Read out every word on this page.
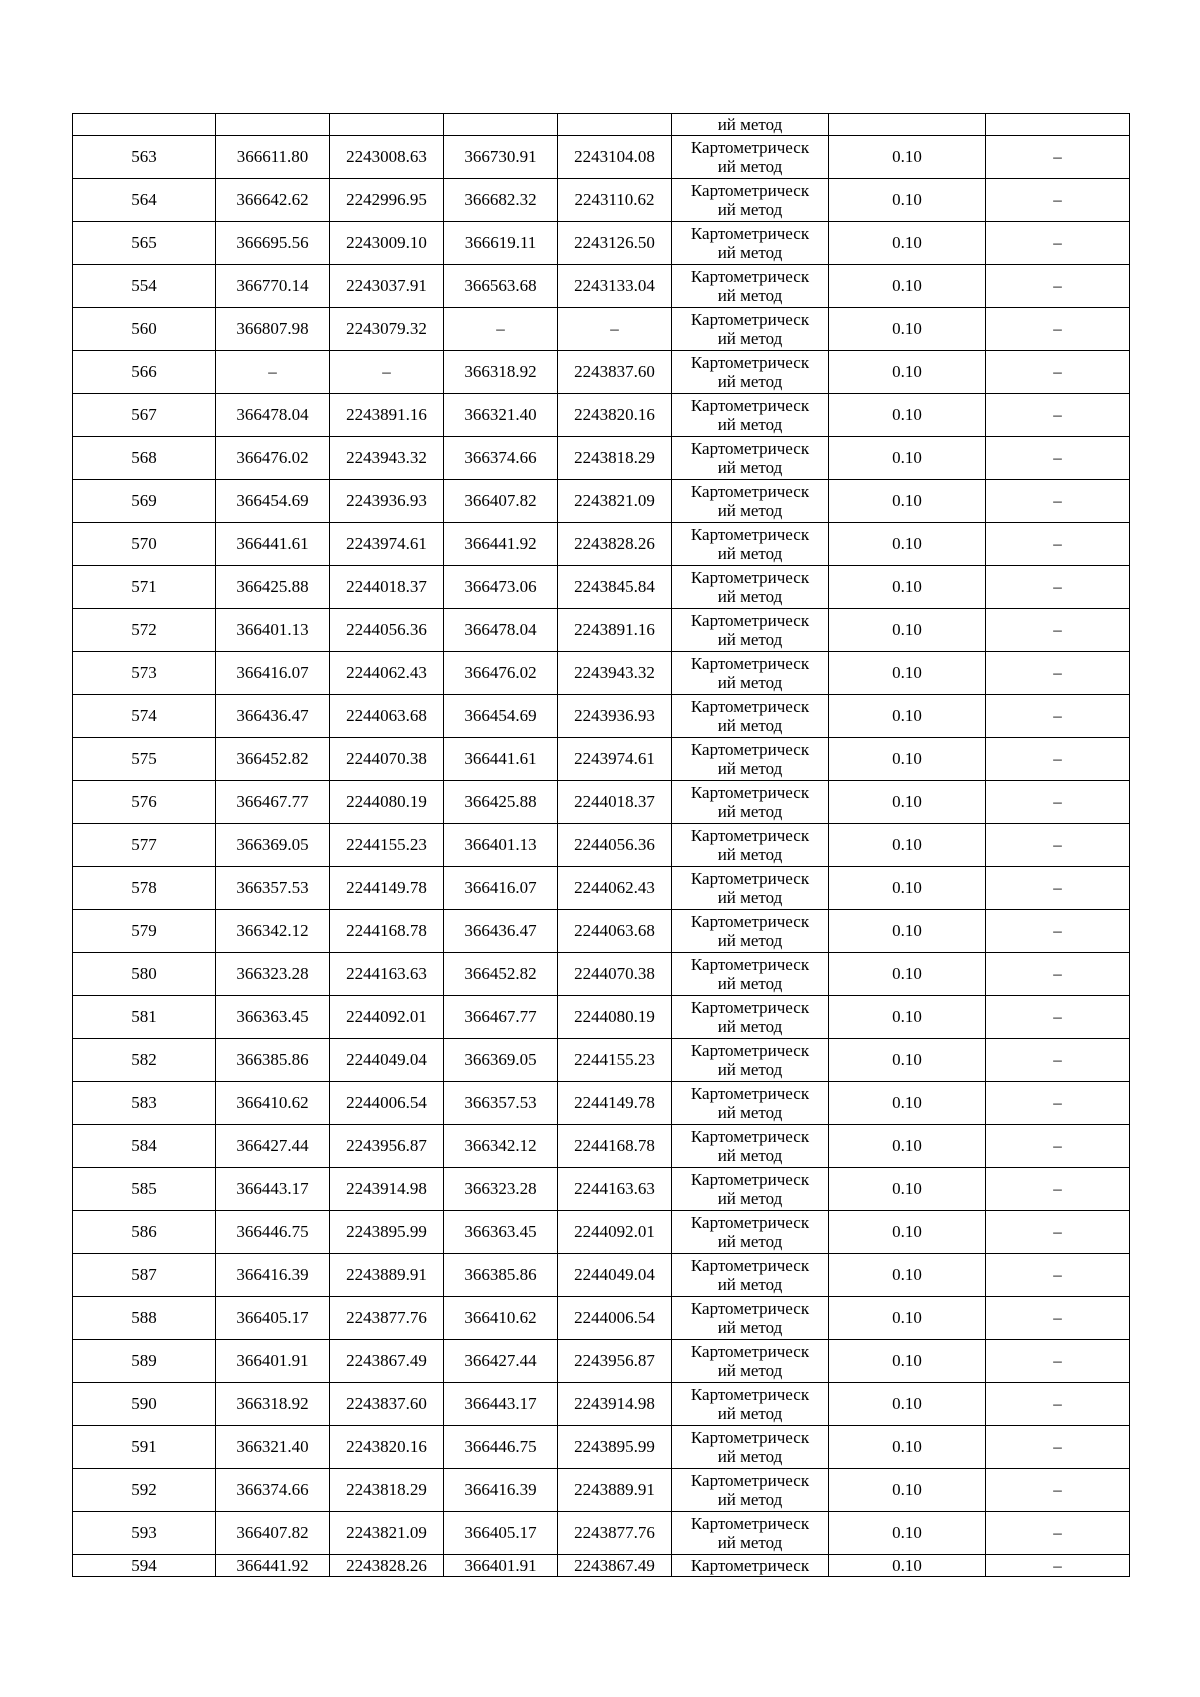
					ий метод		
563	366611.80	2243008.63	366730.91	2243104.08	Картометрическ
ий метод	0.10	–
564	366642.62	2242996.95	366682.32	2243110.62	Картометрическ
ий метод	0.10	–
565	366695.56	2243009.10	366619.11	2243126.50	Картометрическ
ий метод	0.10	–
554	366770.14	2243037.91	366563.68	2243133.04	Картометрическ
ий метод	0.10	–
560	366807.98	2243079.32	–	–	Картометрическ
ий метод	0.10	–
566	–	–	366318.92	2243837.60	Картометрическ
ий метод	0.10	–
567	366478.04	2243891.16	366321.40	2243820.16	Картометрическ
ий метод	0.10	–
568	366476.02	2243943.32	366374.66	2243818.29	Картометрическ
ий метод	0.10	–
569	366454.69	2243936.93	366407.82	2243821.09	Картометрическ
ий метод	0.10	–
570	366441.61	2243974.61	366441.92	2243828.26	Картометрическ
ий метод	0.10	–
571	366425.88	2244018.37	366473.06	2243845.84	Картометрическ
ий метод	0.10	–
572	366401.13	2244056.36	366478.04	2243891.16	Картометрическ
ий метод	0.10	–
573	366416.07	2244062.43	366476.02	2243943.32	Картометрическ
ий метод	0.10	–
574	366436.47	2244063.68	366454.69	2243936.93	Картометрическ
ий метод	0.10	–
575	366452.82	2244070.38	366441.61	2243974.61	Картометрическ
ий метод	0.10	–
576	366467.77	2244080.19	366425.88	2244018.37	Картометрическ
ий метод	0.10	–
577	366369.05	2244155.23	366401.13	2244056.36	Картометрическ
ий метод	0.10	–
578	366357.53	2244149.78	366416.07	2244062.43	Картометрическ
ий метод	0.10	–
579	366342.12	2244168.78	366436.47	2244063.68	Картометрическ
ий метод	0.10	–
580	366323.28	2244163.63	366452.82	2244070.38	Картометрическ
ий метод	0.10	–
581	366363.45	2244092.01	366467.77	2244080.19	Картометрическ
ий метод	0.10	–
582	366385.86	2244049.04	366369.05	2244155.23	Картометрическ
ий метод	0.10	–
583	366410.62	2244006.54	366357.53	2244149.78	Картометрическ
ий метод	0.10	–
584	366427.44	2243956.87	366342.12	2244168.78	Картометрическ
ий метод	0.10	–
585	366443.17	2243914.98	366323.28	2244163.63	Картометрическ
ий метод	0.10	–
586	366446.75	2243895.99	366363.45	2244092.01	Картометрическ
ий метод	0.10	–
587	366416.39	2243889.91	366385.86	2244049.04	Картометрическ
ий метод	0.10	–
588	366405.17	2243877.76	366410.62	2244006.54	Картометрическ
ий метод	0.10	–
589	366401.91	2243867.49	366427.44	2243956.87	Картометрическ
ий метод	0.10	–
590	366318.92	2243837.60	366443.17	2243914.98	Картометрическ
ий метод	0.10	–
591	366321.40	2243820.16	366446.75	2243895.99	Картометрическ
ий метод	0.10	–
592	366374.66	2243818.29	366416.39	2243889.91	Картометрическ
ий метод	0.10	–
593	366407.82	2243821.09	366405.17	2243877.76	Картометрическ
ий метод	0.10	–
594	366441.92	2243828.26	366401.91	2243867.49	Картометрическ	0.10	–
